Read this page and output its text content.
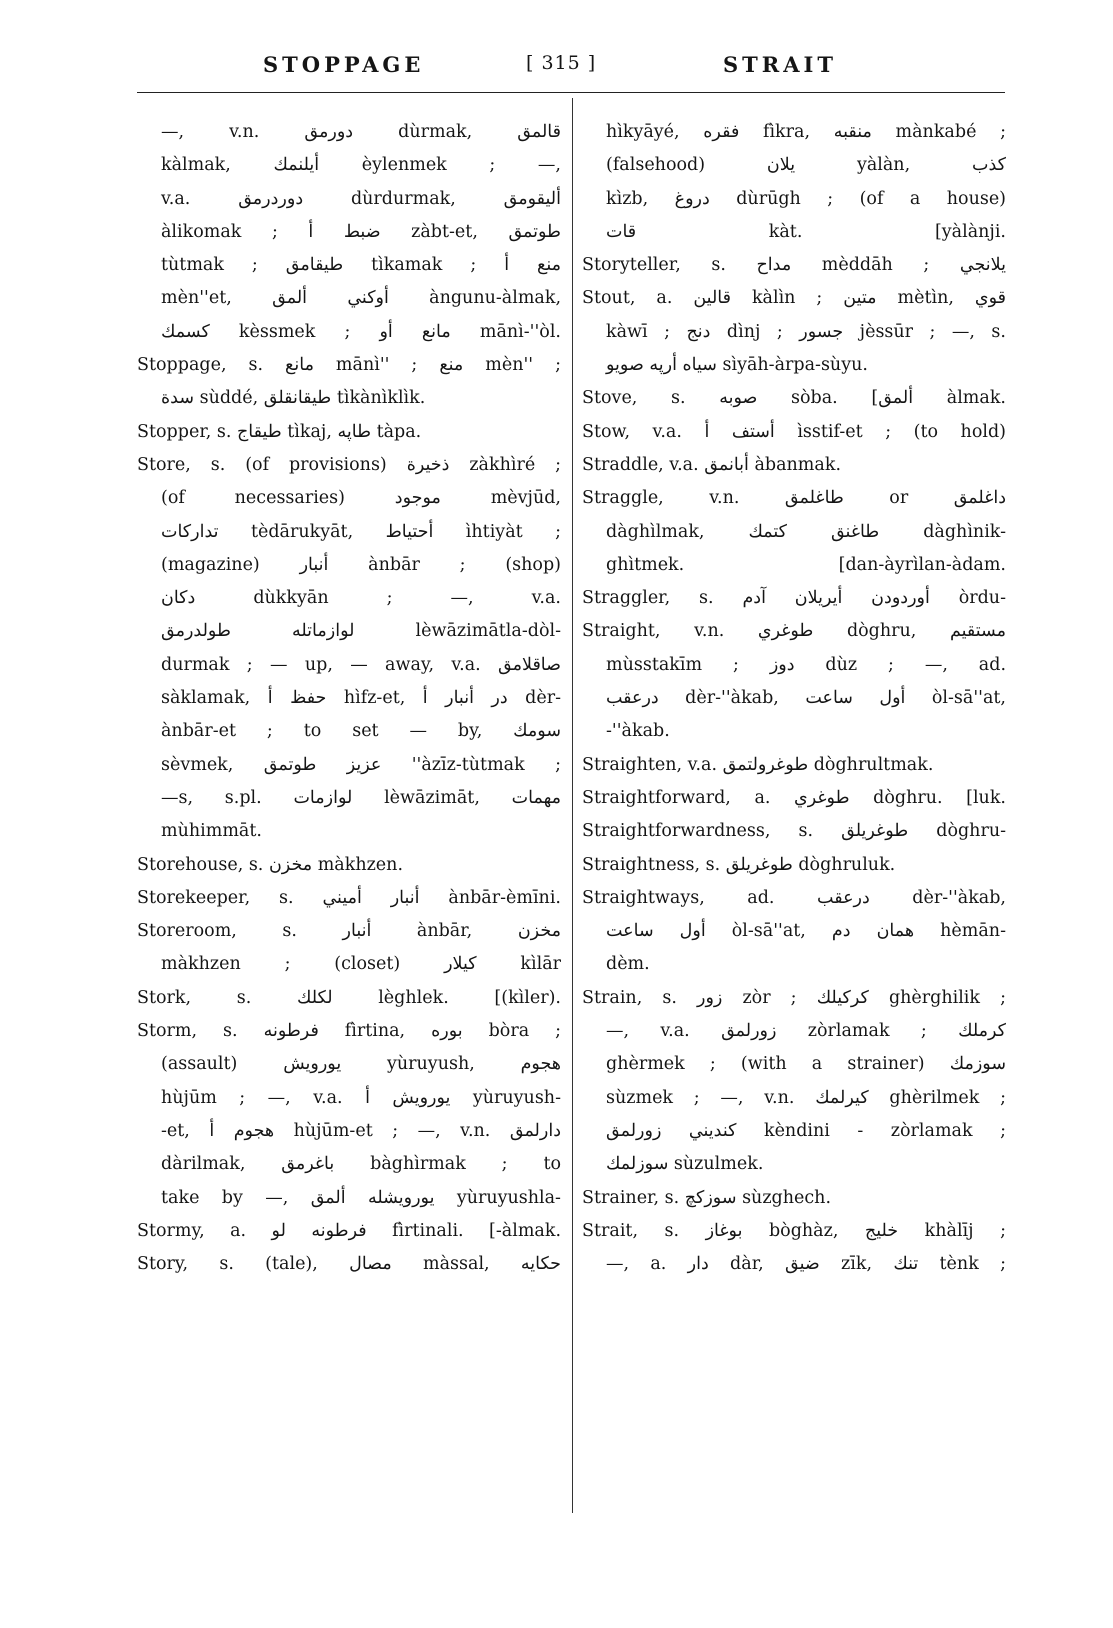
STOPPAGE	[ 315 ]	STRAIT
—, v.n. دورمق dùrmak, قالمق
kàlmak, أيلنمك èylenmek ; —,
v.a. دوردرمق dùrdurmak, أليقومق
àlikomak ; ضبط أ zàbt-et, طوتمق
tùtmak ; طيقامق tìkamak ; منع أ
mèn''et, أوكني ألمق àngunu-àlmak,
كسمك kèssmek ; مانع أو mānì-''òl.
Stoppage, s. مانع mānì'' ; منع mèn'' ;
سدة sùddé, طيقانقلق tìkànìklìk.
Stopper, s. طيقاج tìkaj, طاپه tàpa.
Store, s. (of provisions) ذخيرة zàkhìré ;
(of necessaries) موجود mèvjūd,
تداركات tèdārukyāt, أحتياط ìhtiyàt ;
(magazine) أنبار ànbār ; (shop)
دكان dùkkyān ; —, v.a.
لوازماتله طولدرمق lèwāzimātla-dòl-
durmak ; — up, — away, v.a. صاقلامق
sàklamak, حفظ أ hìfz-et, در أنبار أ dèr-
ànbār-et ; to set — by, سومك
sèvmek, عزيز طوتمق ''àzīz-tùtmak ;
—s, s.pl. لوازمات lèwāzimāt, مهمات
mùhimmāt.
Storehouse, s. مخزن màkhzen.
Storekeeper, s. أنبار أميني ànbār-èmīni.
Storeroom, s. أنبار ànbār, مخزن
màkhzen ; (closet) كيلار kìlār
Stork, s. لكلك lèghlek. [(kìler).
Storm, s. فرطونه fìrtina, بوره bòra ;
(assault) يورويش yùruyush, هجوم
hùjūm ; —, v.a. يورويش أ yùruyush-
-et, هجوم أ hùjūm-et ; —, v.n. دارلمق
dàrilmak, باغرمق bàghìrmak ; to
take by —, يورويشله ألمق yùruyushla-
Stormy, a. فرطونه لو fìrtinali. [-àlmak.
Story, s. (tale), مصال màssal, حكايه
hìkyāyé, فقره fìkra, منقبه mànkabé ;
(falsehood) يلان yàlàn, كذب
kìzb, دروغ dùrūgh ; (of a house)
قات kàt. [yàlànji.
Storyteller, s. مداح mèddāh ; يلانجي
Stout, a. قالين kàlìn ; متين mètìn, قوي
kàwī ; دنج dìnj ; جسور jèssūr ; —, s.
سياه أرپه صويو sìyāh-àrpa-sùyu.
Stove, s. صوبه sòba. [ألمق àlmak.
Stow, v.a. أستف أ ìsstif-et ; (to hold)
Straddle, v.a. أبانمق àbanmak.
Straggle, v.n. طاغلمق or داغلمق
dàghìlmak, طاغنق كتمك dàghìnik-
ghìtmek. [dan-àyrìlan-àdam.
Straggler, s. أوردودن أيريلان آدم òrdu-
Straight, v.n. طوغري dòghru, مستقيم
mùsstakīm ; دوز dùz ; —, ad.
درعقب dèr-''àkab, أول ساعت òl-sā''at,
-''àkab.
Straighten, v.a. طوغرولتمق dòghrultmak.
Straightforward, a. طوغري dòghru. [luk.
Straightforwardness, s. طوغريلق dòghru-
Straightness, s. طوغريلق dòghruluk.
Straightways, ad. درعقب dèr-''àkab,
أول ساعت òl-sā''at, همان دم hèmān-
dèm.
Strain, s. زور zòr ; كركيلك ghèrghilik ;
—, v.a. زورلمق zòrlamak ; كرملك
ghèrmek ; (with a strainer) سوزمك
sùzmek ; —, v.n. كيرلمك ghèrilmek ;
كنديني زورلمق kèndini - zòrlamak ;
سوزلمك sùzulmek.
Strainer, s. سوزكچ sùzghech.
Strait, s. بوغاز bòghàz, خليج khàlīj ;
—, a. دار dàr, ضيق zīk, تنك tènk ;
